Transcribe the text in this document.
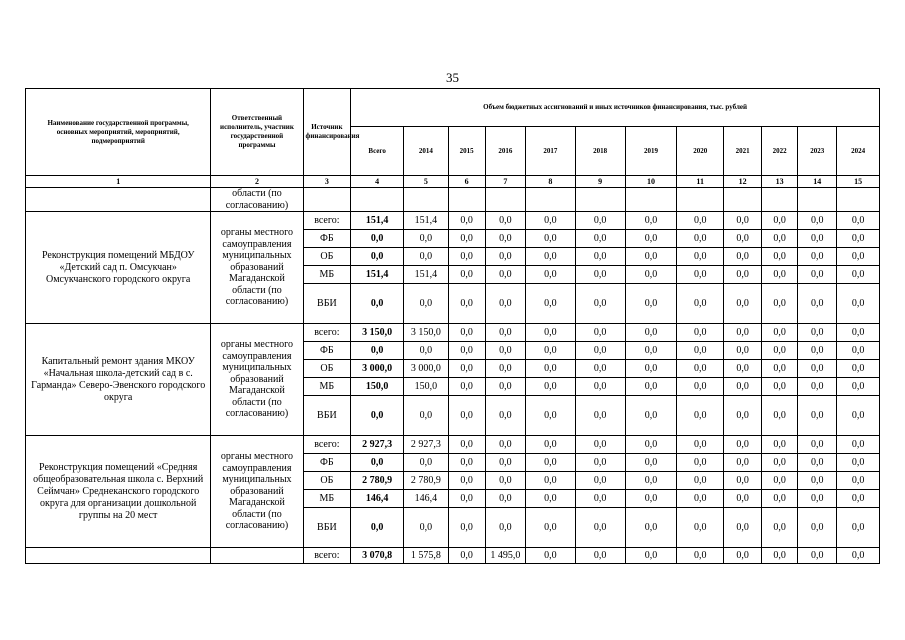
35
Наименование государственной программы, основных мероприятий, мероприятий, подмероприятий	Ответственный исполнитель, участник государственной программы	Источник финансирования	Объем бюджетных ассигнований и иных источников финансирования, тыс. рублей											
			Всего	2014	2015	2016	2017	2018	2019	2020	2021	2022	2023	2024
1	2	3	4	5	6	7	8	9	10	11	12	13	14	15
	области (по согласованию)													
Реконструкция помещений МБДОУ «Детский сад п. Омсукчан» Омсукчанского городского округа	органы местного самоуправления муниципальных образований
Магаданской области (по согласованию)	всего:	151,4	151,4	0,0	0,0	0,0	0,0	0,0	0,0	0,0	0,0	0,0	0,0
		ФБ	0,0	0,0	0,0	0,0	0,0	0,0	0,0	0,0	0,0	0,0	0,0	0,0
		ОБ	0,0	0,0	0,0	0,0	0,0	0,0	0,0	0,0	0,0	0,0	0,0	0,0
		МБ	151,4	151,4	0,0	0,0	0,0	0,0	0,0	0,0	0,0	0,0	0,0	0,0
		ВБИ	0,0	0,0	0,0	0,0	0,0	0,0	0,0	0,0	0,0	0,0	0,0	0,0
Капитальный ремонт здания МКОУ «Начальная школа-детский сад в с. Гарманда» Северо-Эвенского городского округа	органы местного самоуправления муниципальных образований
Магаданской области (по согласованию)	всего:	3 150,0	3 150,0	0,0	0,0	0,0	0,0	0,0	0,0	0,0	0,0	0,0	0,0
		ФБ	0,0	0,0	0,0	0,0	0,0	0,0	0,0	0,0	0,0	0,0	0,0	0,0
		ОБ	3 000,0	3 000,0	0,0	0,0	0,0	0,0	0,0	0,0	0,0	0,0	0,0	0,0
		МБ	150,0	150,0	0,0	0,0	0,0	0,0	0,0	0,0	0,0	0,0	0,0	0,0
		ВБИ	0,0	0,0	0,0	0,0	0,0	0,0	0,0	0,0	0,0	0,0	0,0	0,0
Реконструкция помещений «Средняя общеобразовательная школа с. Верхний Сеймчан» Среднеканского городского округа для организации дошкольной группы на 20 мест	органы местного самоуправления муниципальных образований
Магаданской области (по согласованию)	всего:	2 927,3	2 927,3	0,0	0,0	0,0	0,0	0,0	0,0	0,0	0,0	0,0	0,0
		ФБ	0,0	0,0	0,0	0,0	0,0	0,0	0,0	0,0	0,0	0,0	0,0	0,0
		ОБ	2 780,9	2 780,9	0,0	0,0	0,0	0,0	0,0	0,0	0,0	0,0	0,0	0,0
		МБ	146,4	146,4	0,0	0,0	0,0	0,0	0,0	0,0	0,0	0,0	0,0	0,0
		ВБИ	0,0	0,0	0,0	0,0	0,0	0,0	0,0	0,0	0,0	0,0	0,0	0,0
		всего:	3 070,8	1 575,8	0,0	1 495,0	0,0	0,0	0,0	0,0	0,0	0,0	0,0	0,0
